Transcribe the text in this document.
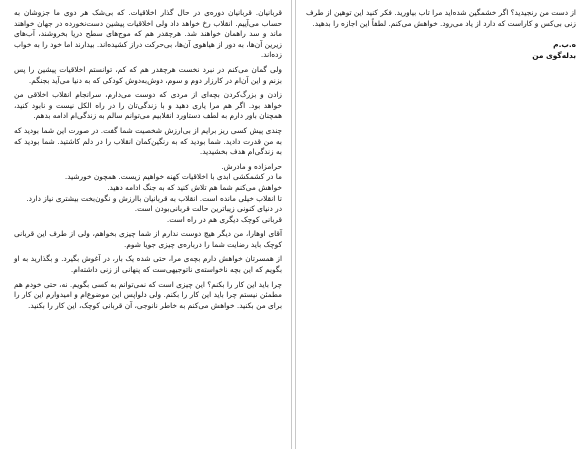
قربانیان. قربانیان دوره‌ی در حال گذار اخلاقیات. که بی‌شک هر دوی ما جزوشان به حساب می‌آییم. انقلاب رخ خواهد داد ولی اخلاقیات پیشین دست‌نخورده در جهان خواهند ماند و سد راهمان خواهند شد. هرچقدر هم که موج‌های سطح دریا بخروشند، آب‌های زیرین آن‌ها، به دور از هیاهوی آن‌ها، بی‌حرکت دراز کشیده‌اند. بیدارند اما خود را به خواب زده‌اند.

ولی گمان می‌کنم در نبرد نخست هرچقدر هم که کم، توانستم اخلاقیات پیشین را پس بزنم و این آن‌ام در کارزار دوم و سوم، دوش‌به‌دوش کودکی که به دنیا می‌آید بجنگم.

زادن و بزرگ‌کردن بچه‌ای از مردی که دوست می‌دارم، سرانجام انقلاب اخلاقی من خواهد بود. اگر هم مرا یاری دهید و با زندگی‌تان را در راه الکل نیست و نابود کنید، همچنان باور دارم به لطف دستاورد انقلابیم می‌توانم سالم به زندگی‌ام ادامه بدهم.

چندی پیش کسی ریز برایم از بی‌ارزش شخصیت شما گفت. در صورت این شما بودید که به من قدرت دادید. شما بودید که به رنگین‌کمان انقلاب را در دلم کاشتید. شما بودید که به زندگی‌ام هدف بخشیدید.

حرامزاده و مادرش.

ما در کشمکشی ابدی با اخلاقیات کهنه خواهیم زیست. همچون خورشید.

خواهش می‌کنم شما هم تلاش کنید که به جنگ ادامه دهید.

تا انقلاب خیلی مانده است. انقلاب به قربانیان باارزش و نگون‌بخت بیشتری نیاز دارد.

در دنیای کنونی زیباترین حالت قربانی‌بودن است.

قربانی کوچک دیگری هم در راه است.

آقای اوهارا، من دیگر هیچ دوست ندارم از شما چیزی بخواهم، ولی از طرف این قربانی کوچک باید رضایت شما را درباره‌ی چیزی جویا شوم.

از همسرتان خواهش دارم بچه‌ی مرا، حتی شده یک بار، در آغوش بگیرد. و بگذارید به او بگویم که این بچه ناخواسته‌ی ناتوجیهی‌ست که پنهانی از زنی داشته‌ام.

چرا باید این کار را بکنم؟ این چیزی است که نمی‌توانم به کسی بگویم. نه، حتی خودم هم مطمئن نیستم چرا باید این کار را بکنم. ولی دلواپس این موضوع‌ام و امیدوارم این کار را برای من بکنید. خواهش می‌کنم به خاطر نانوجی، آن قربانی کوچک، این کار را بکنید.

از دست من رنجیدید؟ اگر خشمگین شده‌اید مرا تاب بیاورید. فکر کنید این توهین از طرف زنی بی‌کس و کاراست که دارد از یاد می‌رود. خواهش می‌کنم. لطفاً این اجازه را بدهید.

ه.ب.م
بدله‌گوی من
